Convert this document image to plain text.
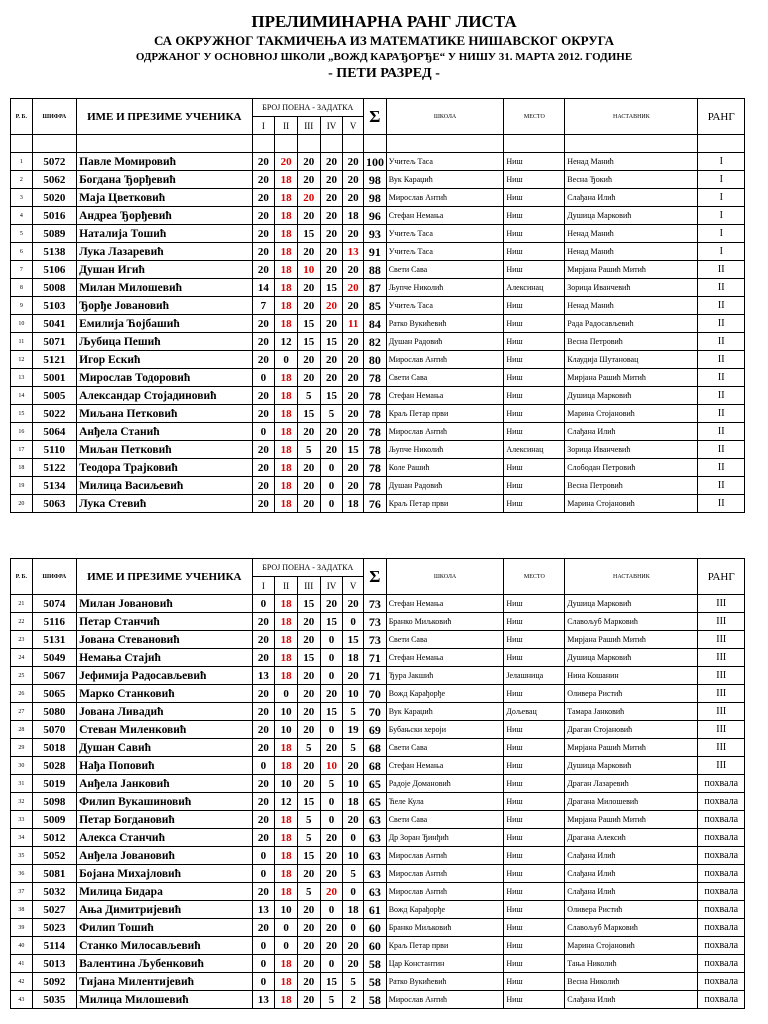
ПРЕЛИМИНАРНА РАНГ ЛИСТА
СА ОКРУЖНОГ ТАКМИЧЕЊА ИЗ МАТЕМАТИКЕ НИШАВСКОГ ОКРУГА
ОДРЖАНОГ У ОСНОВНОЈ ШКОЛИ „ВОЖД КАРАЂОРЂЕ“ У НИШУ 31. МАРТА 2012. ГОДИНЕ
- ПЕТИ РАЗРЕД -
Р. Б.	ШИФРА	ИМЕ И ПРЕЗИМЕ УЧЕНИКА	БРОЈ ПОЕНА - ЗАДАТКА					Σ	ШКОЛА	МЕСТО	НАСТАВНИК	РАНГ
			I	II	III	IV	V					

1	5072	Павле Момировић	20	20	20	20	20	100	Учитељ Таса	Ниш	Ненад Манић	I
2	5062	Богдана Ђорђевић	20	18	20	20	20	98	Вук Караџић	Ниш	Весна Ђокић	I
3	5020	Маја Цветковић	20	18	20	20	20	98	Мирослав Антић	Ниш	Слађана Илић	I
4	5016	Андреа Ђорђевић	20	18	20	20	18	96	Стефан Немања	Ниш	Душица Марковић	I
5	5089	Наталија Тошић	20	18	15	20	20	93	Учитељ Таса	Ниш	Ненад Манић	I
6	5138	Лука Лазаревић	20	18	20	20	13	91	Учитељ Таса	Ниш	Ненад Манић	I
7	5106	Душан Игић	20	18	10	20	20	88	Свети Сава	Ниш	Мирјана Рашић Митић	II
8	5008	Милан Милошевић	14	18	20	15	20	87	Љупче Николић	Алексинац	Зорица Иванчевић	II
9	5103	Ђорђе Јовановић	7	18	20	20	20	85	Учитељ Таса	Ниш	Ненад Манић	II
10	5041	Емилија Ћојбашић	20	18	15	20	11	84	Ратко Вукићевић	Ниш	Рада Радосављевић	II
11	5071	Љубица Пешић	20	12	15	15	20	82	Душан Радовић	Ниш	Весна Петровић	II
12	5121	Игор Ескић	20	0	20	20	20	80	Мирослав Антић	Ниш	Клаудија Шутановац	II
13	5001	Мирослав Тодоровић	0	18	20	20	20	78	Свети Сава	Ниш	Мирјана Рашић Митић	II
14	5005	Александар Стојадиновић	20	18	5	15	20	78	Стефан Немања	Ниш	Душица Марковић	II
15	5022	Миљана Петковић	20	18	15	5	20	78	Краљ Петар први	Ниш	Марина Стојановић	II
16	5064	Анђела Станић	0	18	20	20	20	78	Мирослав Антић	Ниш	Слађана Илић	II
17	5110	Миљан Петковић	20	18	5	20	15	78	Љупче Николић	Алексинац	Зорица Иванчевић	II
18	5122	Теодора Трајковић	20	18	20	0	20	78	Коле Рашић	Ниш	Слободан Петровић	II
19	5134	Милица Васиљевић	20	18	20	0	20	78	Душан Радовић	Ниш	Весна Петровић	II
20	5063	Лука Стевић	20	18	20	0	18	76	Краљ Петар први	Ниш	Марина Стојановић	II
Р. Б.	ШИФРА	ИМЕ И ПРЕЗИМЕ УЧЕНИКА	БРОЈ ПОЕНА - ЗАДАТКА					Σ	ШКОЛА	МЕСТО	НАСТАВНИК	РАНГ
			I	II	III	IV	V					
21	5074	Милан Јовановић	0	18	15	20	20	73	Стефан Немања	Ниш	Душица Марковић	III
22	5116	Петар Станчић	20	18	20	15	0	73	Бранко Миљковић	Ниш	Славољуб Марковић	III
23	5131	Јована Стевановић	20	18	20	0	15	73	Свети Сава	Ниш	Мирјана Рашић Митић	III
24	5049	Немања Стајић	20	18	15	0	18	71	Стефан Немања	Ниш	Душица Марковић	III
25	5067	Јефимија Радосављевић	13	18	20	0	20	71	Ђура Јакшић	Јелашница	Нина Кошанин	III
26	5065	Марко Станковић	20	0	20	20	10	70	Вожд Карађорђе	Ниш	Оливера Ристић	III
27	5080	Јована Ливадић	20	10	20	15	5	70	Вук Караџић	Дољевац	Тамара Јанковић	III
28	5070	Стеван Миленковић	20	10	20	0	19	69	Бубањски хероји	Ниш	Драган Стојановић	III
29	5018	Душан Савић	20	18	5	20	5	68	Свети Сава	Ниш	Мирјана Рашић Митић	III
30	5028	Нађа Поповић	0	18	20	10	20	68	Стефан Немања	Ниш	Душица Марковић	III
31	5019	Анђела Јанковић	20	10	20	5	10	65	Радоје Домановић	Ниш	Драган Лазаревић	похвала
32	5098	Филип Вукашиновић	20	12	15	0	18	65	Ћеле Кула	Ниш	Драгана Милошевић	похвала
33	5009	Петар Богдановић	20	18	5	0	20	63	Свети Сава	Ниш	Мирјана Рашић Митић	похвала
34	5012	Алекса Станчић	20	18	5	20	0	63	Др Зоран Ђинђић	Ниш	Драгана Алексић	похвала
35	5052	Анђела Јовановић	0	18	15	20	10	63	Мирослав Антић	Ниш	Слађана Илић	похвала
36	5081	Бојана Михајловић	0	18	20	20	5	63	Мирослав Антић	Ниш	Слађана Илић	похвала
37	5032	Милица Бидара	20	18	5	20	0	63	Мирослав Антић	Ниш	Слађана Илић	похвала
38	5027	Ања Димитријевић	13	10	20	0	18	61	Вожд Карађорђе	Ниш	Оливера Ристић	похвала
39	5023	Филип Тошић	20	0	20	20	0	60	Бранко Миљковић	Ниш	Славољуб Марковић	похвала
40	5114	Станко Милосављевић	0	0	20	20	20	60	Краљ Петар први	Ниш	Марина Стојановић	похвала
41	5013	Валентина Љубенковић	0	18	20	0	20	58	Цар Константин	Ниш	Тања Николић	похвала
42	5092	Тијана Милентијевић	0	18	20	15	5	58	Ратко Вукићевић	Ниш	Весна Николић	похвала
43	5035	Милица Милошевић	13	18	20	5	2	58	Мирослав Антић	Ниш	Слађана Илић	похвала
